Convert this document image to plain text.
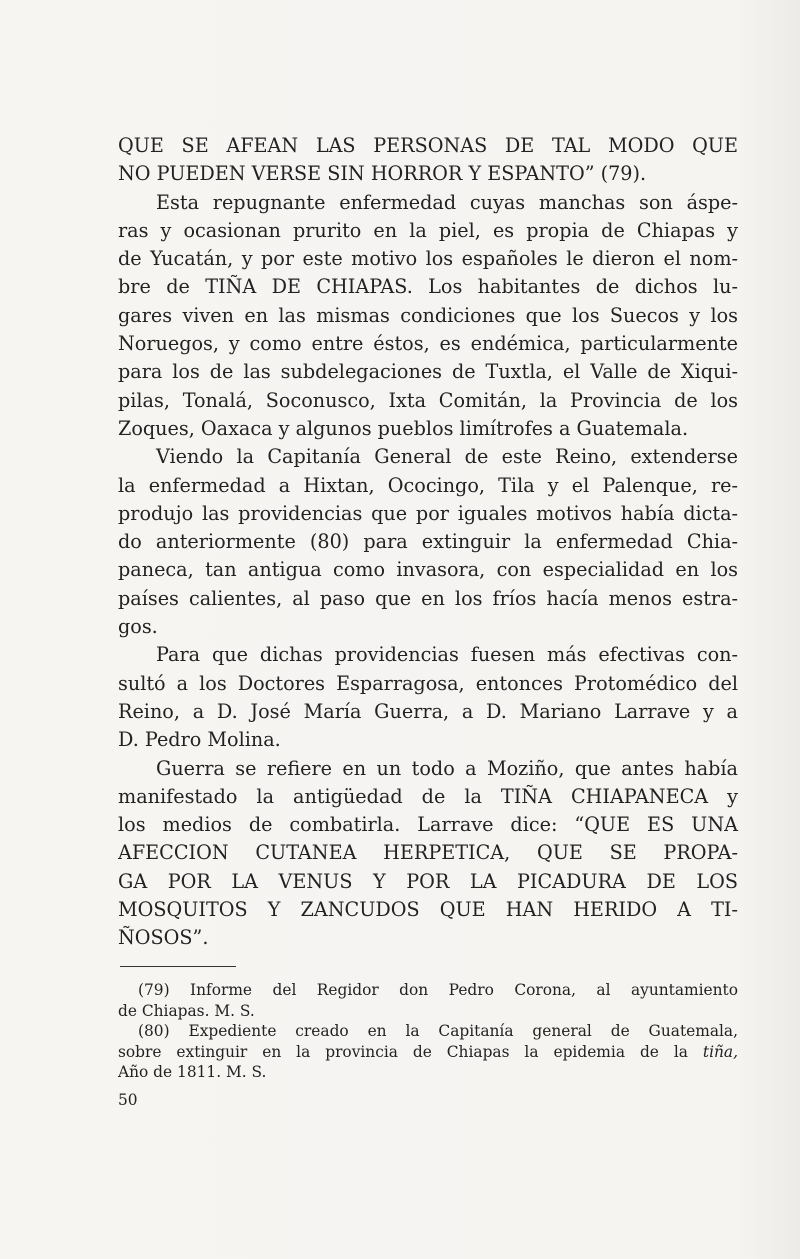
QUE SE AFEAN LAS PERSONAS DE TAL MODO QUE
NO PUEDEN VERSE SIN HORROR Y ESPANTO” (79).
Esta repugnante enfermedad cuyas manchas son áspe-
ras y ocasionan prurito en la piel, es propia de Chiapas y
de Yucatán, y por este motivo los españoles le dieron el nom-
bre de TIÑA DE CHIAPAS. Los habitantes de dichos lu-
gares viven en las mismas condiciones que los Suecos y los
Noruegos, y como entre éstos, es endémica, particularmente
para los de las subdelegaciones de Tuxtla, el Valle de Xiqui-
pilas, Tonalá, Soconusco, Ixta Comitán, la Provincia de los
Zoques, Oaxaca y algunos pueblos limítrofes a Guatemala.
Viendo la Capitanía General de este Reino, extenderse
la enfermedad a Hixtan, Ococingo, Tila y el Palenque, re-
produjo las providencias que por iguales motivos había dicta-
do anteriormente (80) para extinguir la enfermedad Chia-
paneca, tan antigua como invasora, con especialidad en los
países calientes, al paso que en los fríos hacía menos estra-
gos.
Para que dichas providencias fuesen más efectivas con-
sultó a los Doctores Esparragosa, entonces Protomédico del
Reino, a D. José María Guerra, a D. Mariano Larrave y a
D. Pedro Molina.
Guerra se refiere en un todo a Moziño, que antes había
manifestado la antigüedad de la TIÑA CHIAPANECA y
los medios de combatirla. Larrave dice: “QUE ES UNA
AFECCION CUTANEA HERPETICA, QUE SE PROPA-
GA POR LA VENUS Y POR LA PICADURA DE LOS
MOSQUITOS Y ZANCUDOS QUE HAN HERIDO A TI-
ÑOSOS”.
(79) Informe del Regidor don Pedro Corona, al ayuntamiento
de Chiapas. M. S.
(80) Expediente creado en la Capitanía general de Guatemala,
sobre extinguir en la provincia de Chiapas la epidemia de la tiña,
Año de 1811. M. S.
50
